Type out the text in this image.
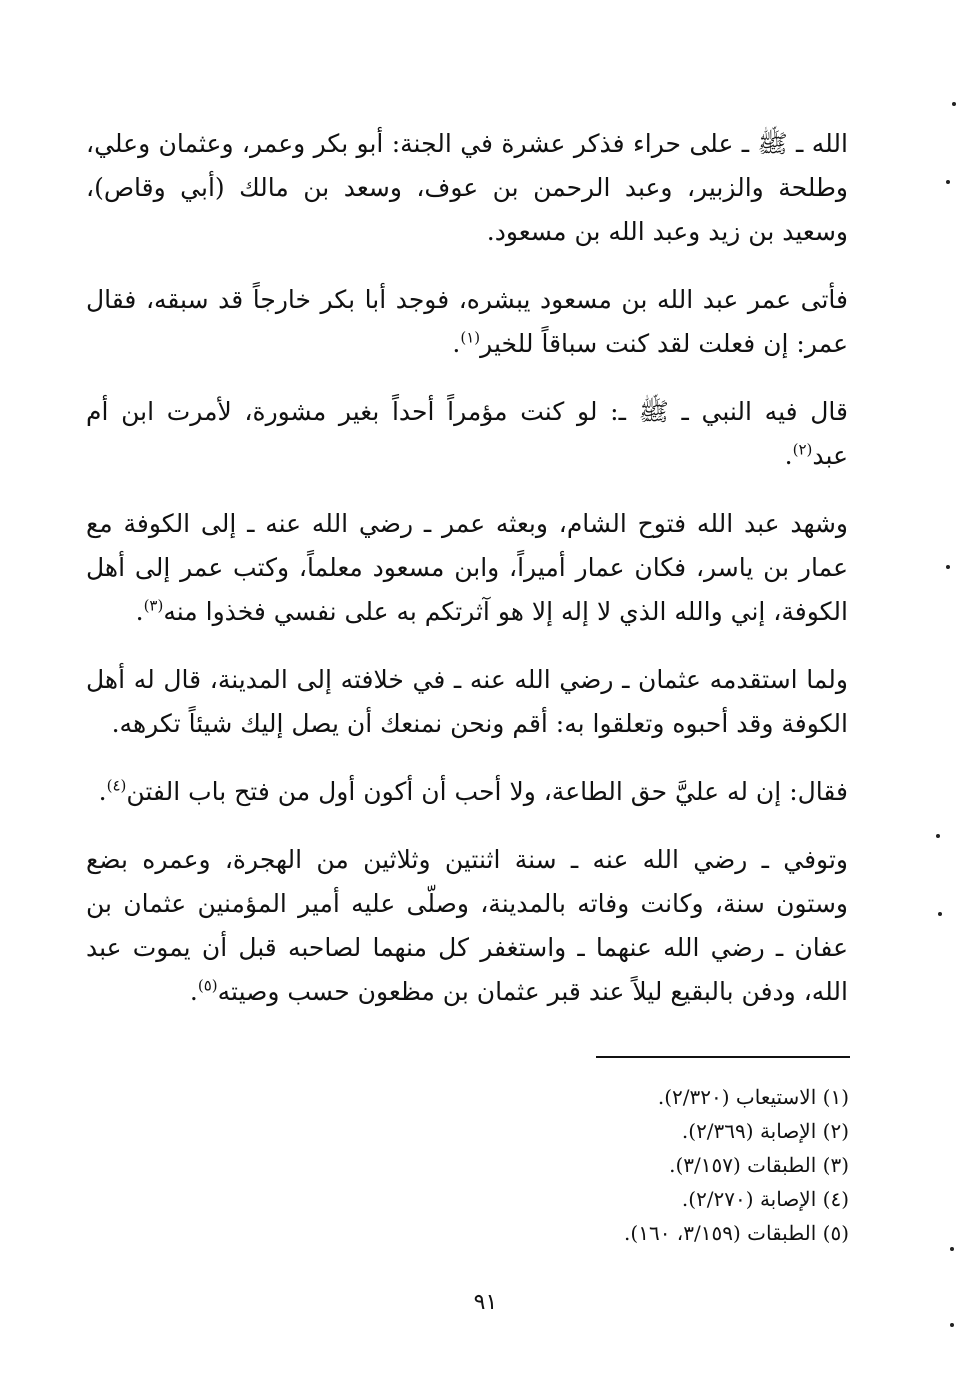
الله ـ ﷺ ـ على حراء فذكر عشرة في الجنة: أبو بكر وعمر، وعثمان وعلي، وطلحة والزبير، وعبد الرحمن بن عوف، وسعد بن مالك (أبي وقاص)، وسعيد بن زيد وعبد الله بن مسعود.

فأتى عمر عبد الله بن مسعود يبشره، فوجد أبا بكر خارجاً قد سبقه، فقال عمر: إن فعلت لقد كنت سباقاً للخير$^{(١)}$.

قال فيه النبي ـ ﷺ ـ: لو كنت مؤمراً أحداً بغير مشورة، لأمرت ابن أم عبد$^{(٢)}$.

وشهد عبد الله فتوح الشام، وبعثه عمر ـ رضي الله عنه ـ إلى الكوفة مع عمار بن ياسر، فكان عمار أميراً، وابن مسعود معلماً، وكتب عمر إلى أهل الكوفة، إني والله الذي لا إله إلا هو آثرتكم به على نفسي فخذوا منه$^{(٣)}$.

ولما استقدمه عثمان ـ رضي الله عنه ـ في خلافته إلى المدينة، قال له أهل الكوفة وقد أحبوه وتعلقوا به: أقم ونحن نمنعك أن يصل إليك شيئاً تكرهه.

فقال: إن له عليَّ حق الطاعة، ولا أحب أن أكون أول من فتح باب الفتن$^{(٤)}$.

وتوفي ـ رضي الله عنه ـ سنة اثنتين وثلاثين من الهجرة، وعمره بضع وستون سنة، وكانت وفاته بالمدينة، وصلّى عليه أمير المؤمنين عثمان بن عفان ـ رضي الله عنهما ـ واستغفر كل منهما لصاحبه قبل أن يموت عبد الله، ودفن بالبقيع ليلاً عند قبر عثمان بن مظعون حسب وصيته$^{(٥)}$.

(١) الاستيعاب (٢/٣٢٠).
(٢) الإصابة (٢/٣٦٩).
(٣) الطبقات (٣/١٥٧).
(٤) الإصابة (٢/٢٧٠).
(٥) الطبقات (٣/١٥٩، ١٦٠).
٩١
